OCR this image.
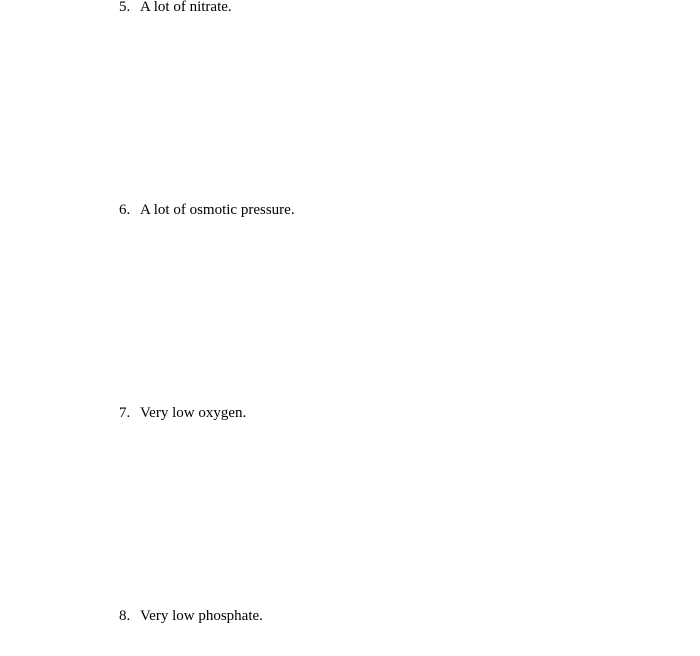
5. A lot of nitrate.
6. A lot of osmotic pressure.
7. Very low oxygen.
8. Very low phosphate.
